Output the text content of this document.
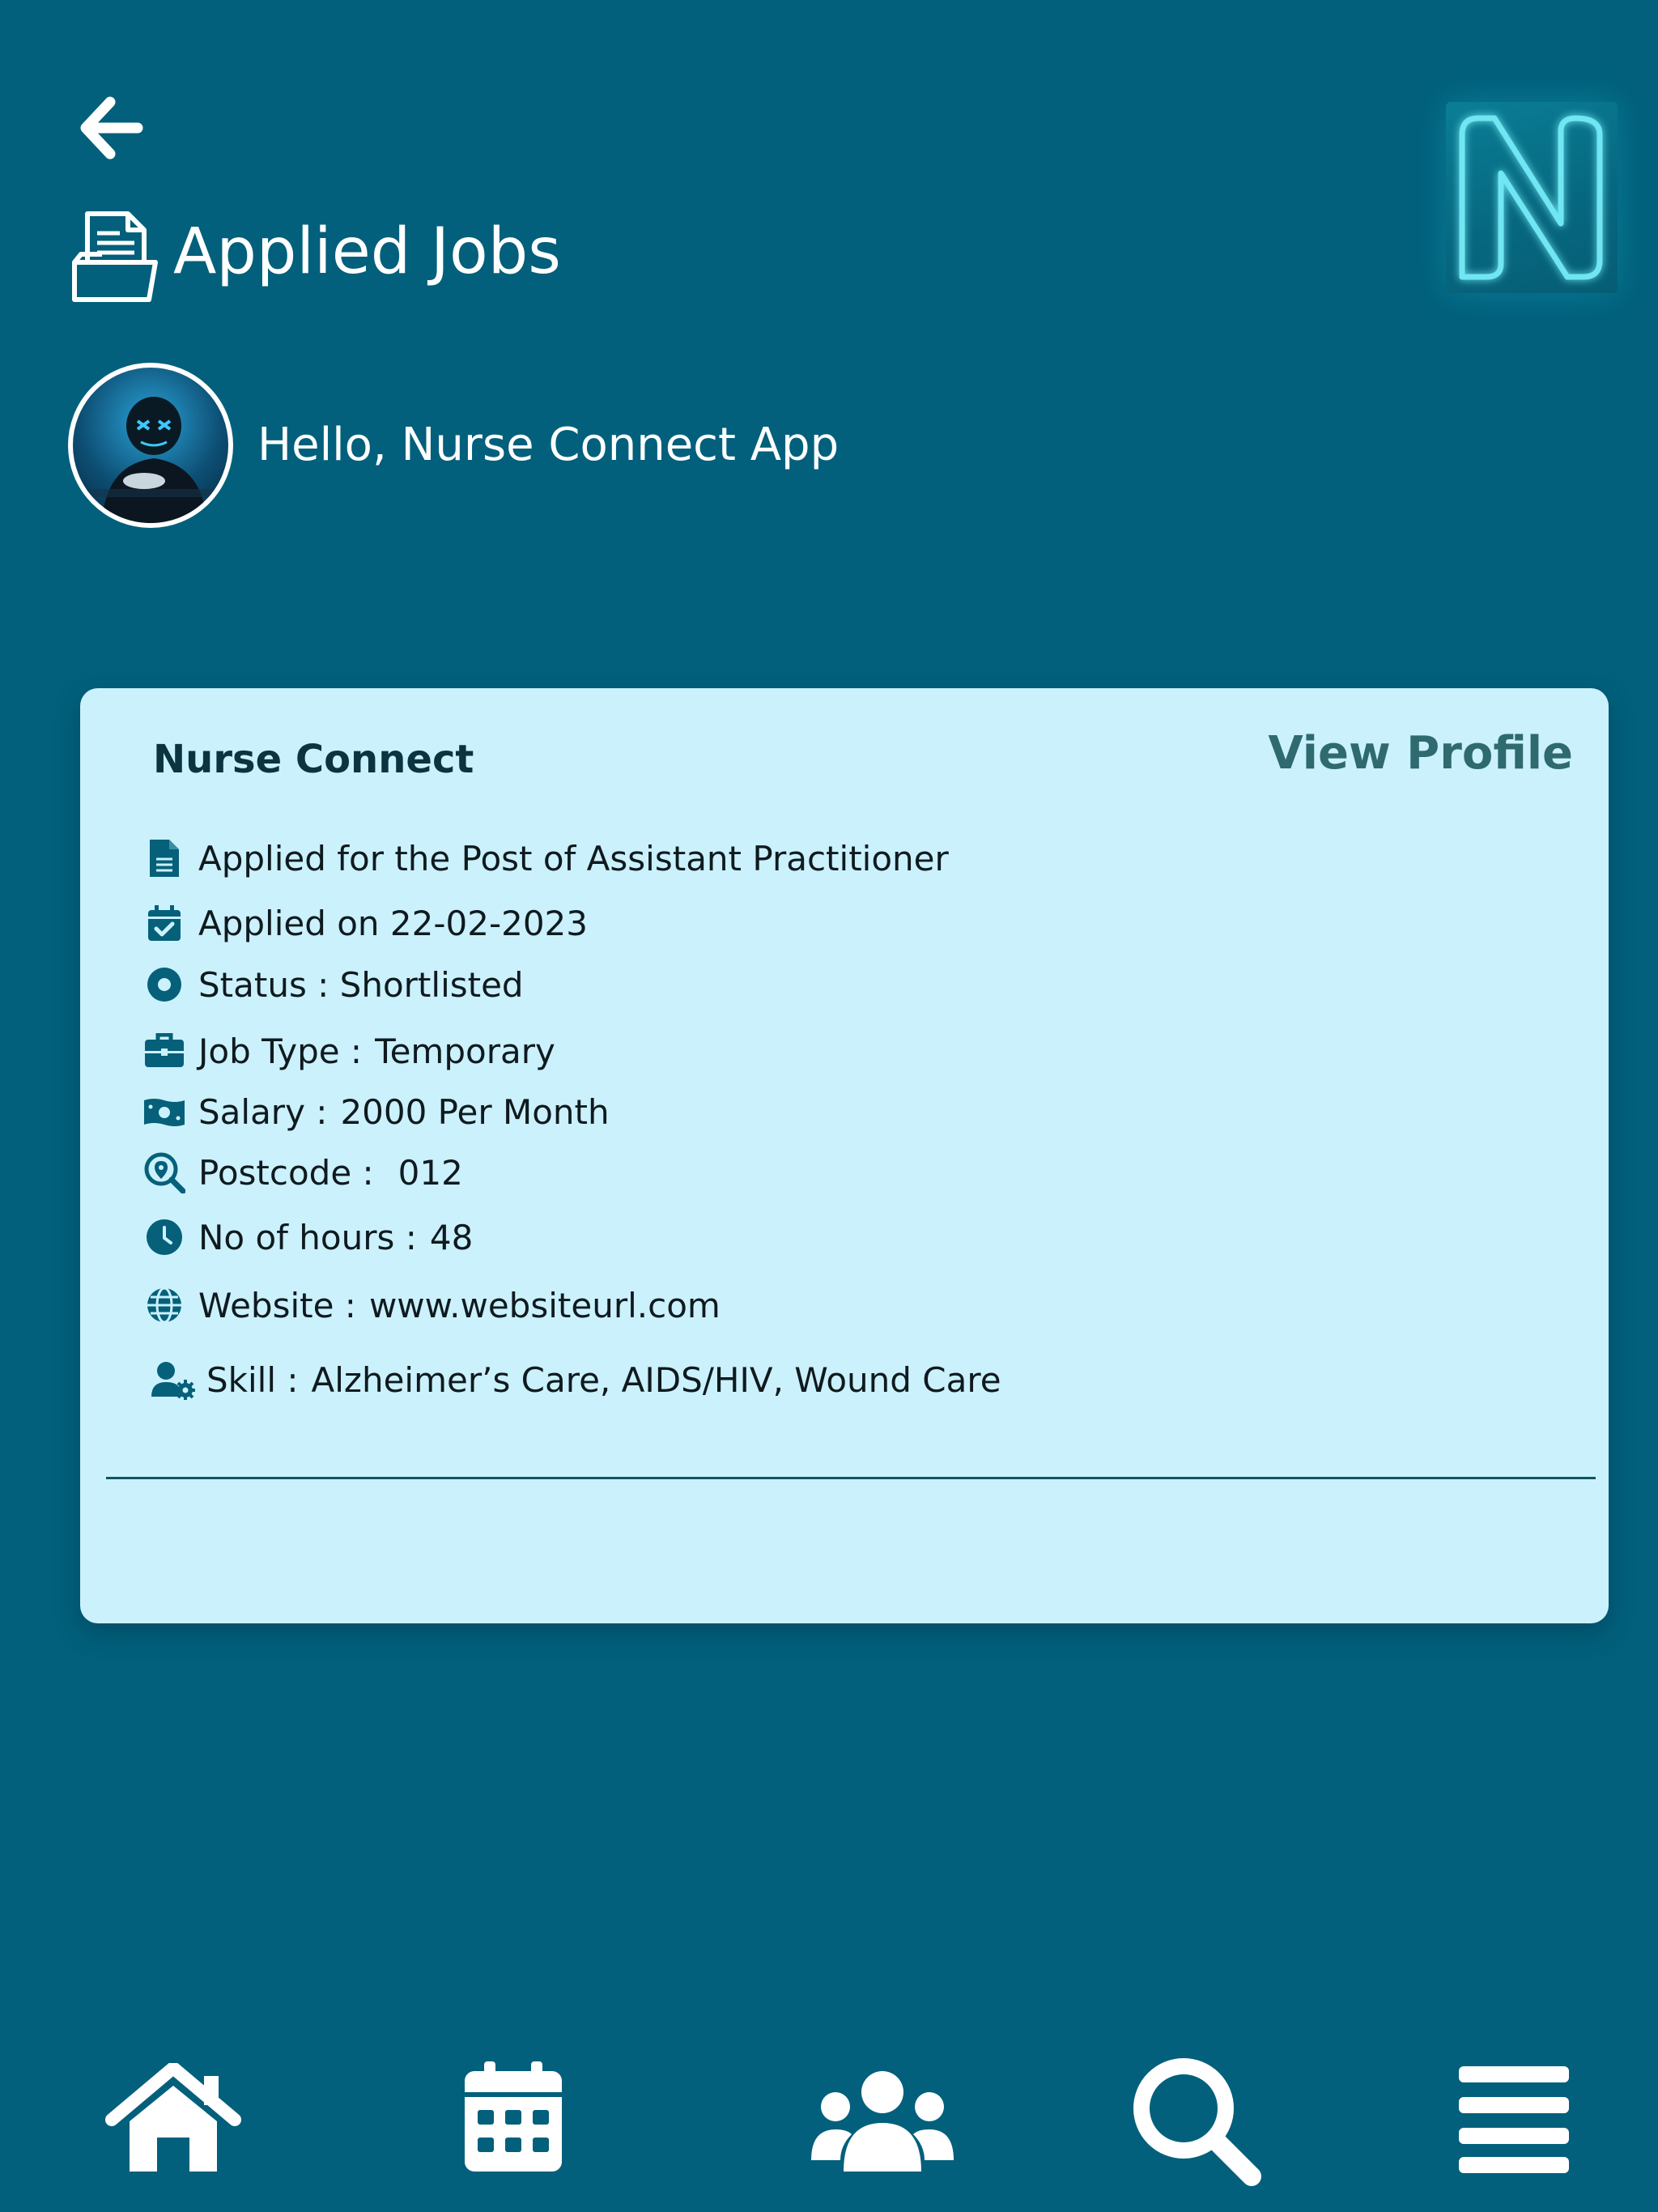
Applied Jobs
Hello, Nurse Connect App
Nurse Connect	View Profile
Applied for the Post of Assistant Practitioner
Applied on 22-02-2023
Status : Shortlisted
Job Type : Temporary
Salary : 2000 Per Month
Postcode : 012
No of hours : 48
Website : www.websiteurl.com
Skill : Alzheimer’s Care, AIDS/HIV, Wound Care
